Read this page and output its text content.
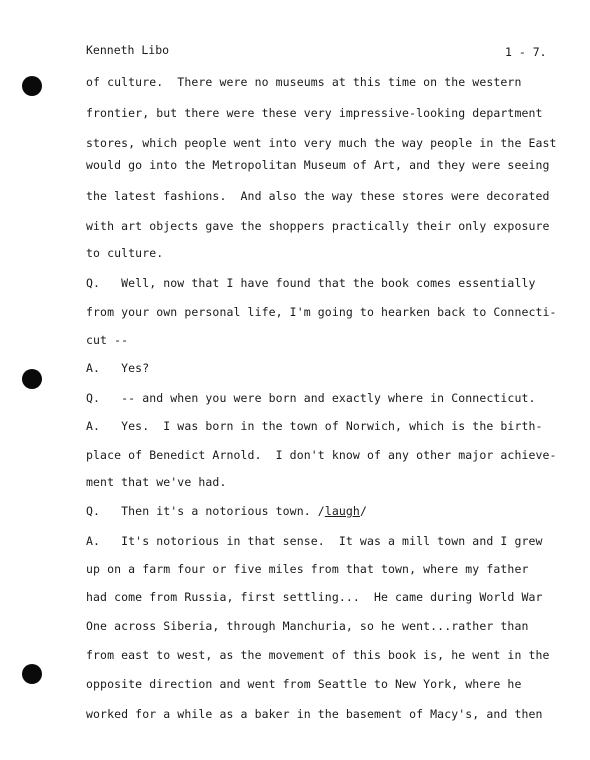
Kenneth Libo	1 - 7.
of culture.  There were no museums at this time on the western
frontier, but there were these very impressive-looking department
stores, which people went into very much the way people in the East
would go into the Metropolitan Museum of Art, and they were seeing
the latest fashions.  And also the way these stores were decorated
with art objects gave the shoppers practically their only exposure
to culture.
Q.   Well, now that I have found that the book comes essentially
from your own personal life, I'm going to hearken back to Connecti-
cut --
A.   Yes?
Q.   -- and when you were born and exactly where in Connecticut.
A.   Yes.  I was born in the town of Norwich, which is the birth-
place of Benedict Arnold.  I don't know of any other major achieve-
ment that we've had.
Q.   Then it's a notorious town. /laugh/
A.   It's notorious in that sense.  It was a mill town and I grew
up on a farm four or five miles from that town, where my father
had come from Russia, first settling...  He came during World War
One across Siberia, through Manchuria, so he went...rather than
from east to west, as the movement of this book is, he went in the
opposite direction and went from Seattle to New York, where he
worked for a while as a baker in the basement of Macy's, and then
